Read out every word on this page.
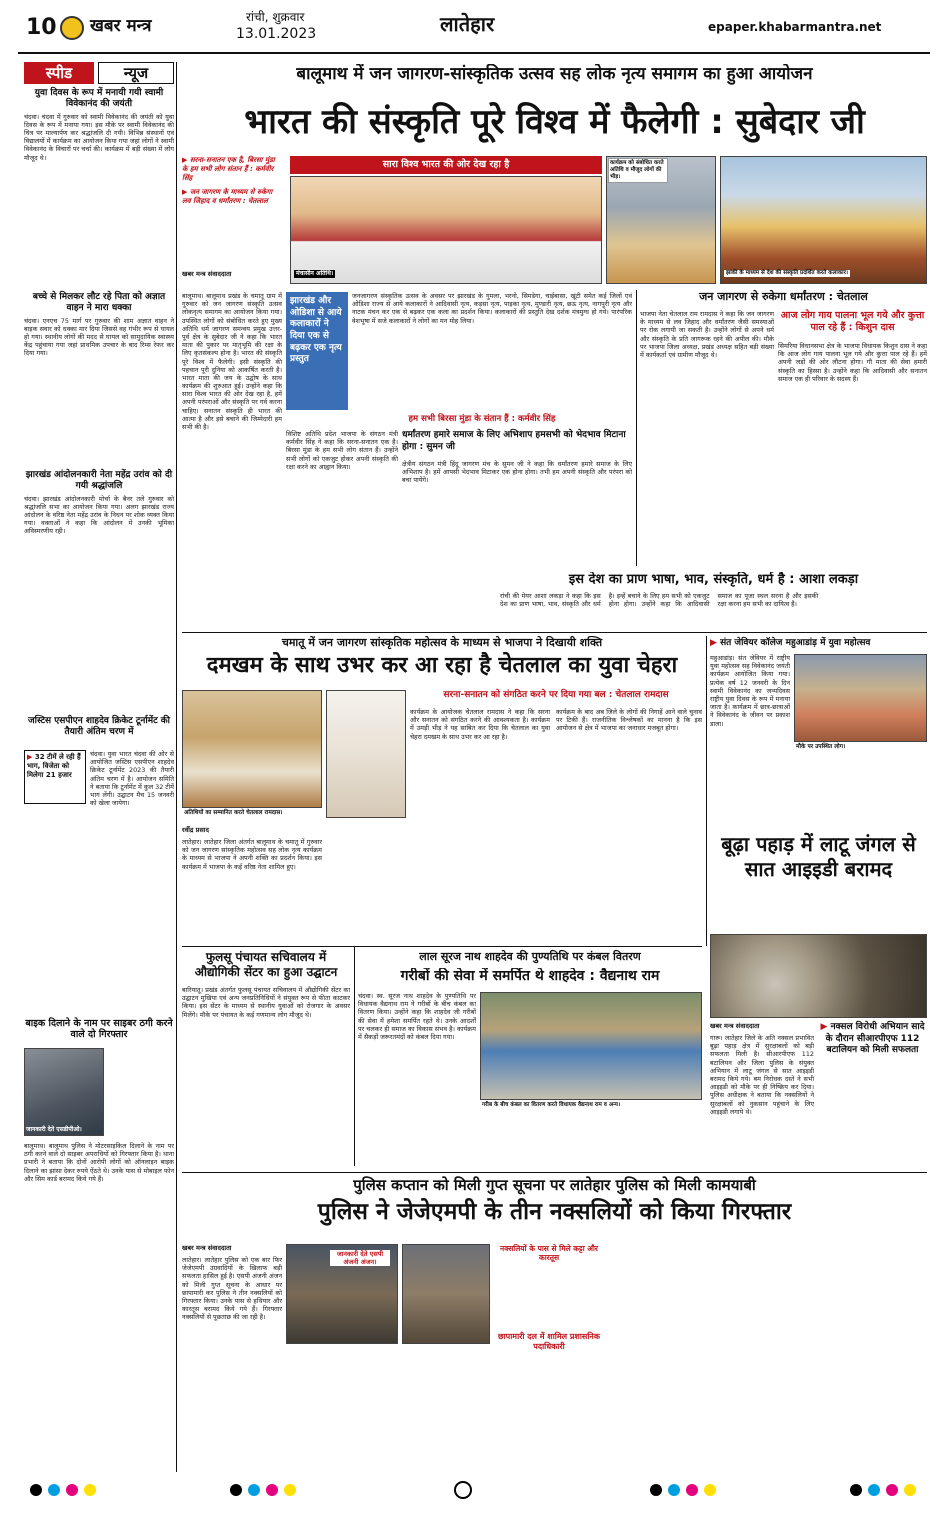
10 खबर मन्त्र	रांची, शुक्रवार
13.01.2023	लातेहार	epaper.khabarmantra.net
स्पीड	न्यूज
युवा दिवस के रूप में मनायी गयी स्वामी विवेकानंद की जयंती
चंदवा। चंदवा में गुरुवार को स्वामी विवेकानंद की जयंती को युवा दिवस के रूप में मनाया गया। इस मौके पर स्वामी विवेकानंद की चित्र पर माल्यार्पण कर श्रद्धांजलि दी गयी। विभिन्न संस्थानों एवं विद्यालयों में कार्यक्रम का आयोजन किया गया जहां लोगों ने स्वामी विवेकानंद के विचारों पर चर्चा की। कार्यक्रम में बड़ी संख्या में लोग मौजूद थे।
बच्चे से मिलकर लौट रहे पिता को अज्ञात वाहन ने मारा धक्का
चंदवा। एनएच 75 मार्ग पर गुरुवार की शाम अज्ञात वाहन ने बाइक सवार को धक्का मार दिया जिससे वह गंभीर रूप से घायल हो गया। स्थानीय लोगों की मदद से घायल को सामुदायिक स्वास्थ्य केंद्र पहुंचाया गया जहां प्राथमिक उपचार के बाद रिम्स रेफर कर दिया गया।
झारखंड आंदोलनकारी नेता महेंद्र उरांव को दी गयी श्रद्धांजलि
चंदवा। झारखंड आंदोलनकारी मोर्चा के बैनर तले गुरुवार को श्रद्धांजलि सभा का आयोजन किया गया। अलग झारखंड राज्य आंदोलन के वरिष्ठ नेता महेंद्र उरांव के निधन पर शोक व्यक्त किया गया। वक्ताओं ने कहा कि आंदोलन में उनकी भूमिका अविस्मरणीय रही।
जस्टिस एसपीएन शाहदेव क्रिकेट टूर्नामेंट की तैयारी अंतिम चरण में
▶ 32 टीमें ले रही हैं भाग, विजेता को मिलेगा 21 हजार
चंदवा। युवा भारत चंदवा की ओर से आयोजित जस्टिस एसपीएन शाहदेव क्रिकेट टूर्नामेंट 2023 की तैयारी अंतिम चरण में है। आयोजन समिति ने बताया कि टूर्नामेंट में कुल 32 टीमें भाग लेंगी। उद्घाटन मैच 15 जनवरी को खेला जायेगा।
बाइक दिलाने के नाम पर साइबर ठगी करने वाले दो गिरफ्तार
जानकारी देते एसडीपीओ।
बालूमाथ। बालूमाथ पुलिस ने मोटरसाइकिल दिलाने के नाम पर ठगी करने वाले दो साइबर अपराधियों को गिरफ्तार किया है। थाना प्रभारी ने बताया कि दोनों आरोपी लोगों को ऑनलाइन बाइक दिलाने का झांसा देकर रुपये ऐंठते थे। उनके पास से मोबाइल फोन और सिम कार्ड बरामद किये गये हैं।
बालूमाथ में जन जागरण-सांस्कृतिक उत्सव सह लोक नृत्य समागम का हुआ आयोजन
भारत की संस्कृति पूरे विश्व में फैलेगी : सुबेदार जी
▶ सरना-सनातन एक है, बिरसा मुंडा के हम सभी लोग संतान हैं : कर्मवीर सिंह
▶ जन जागरण के माध्यम से रुकेगा लव जिहाद व धर्मांतरण : चेतलाल
खबर मन्त्र संवाददाता
सारा विश्व भारत की ओर देख रहा है
मंचासीन अतिथि।
कार्यक्रम को संबोधित करते अतिथि व मौजूद लोगों की भीड़।
झांकी के माध्यम से देश की संस्कृति प्रदर्शित करते कलाकार।
बालूमाथ। बालूमाथ प्रखंड के चमातू ग्राम में गुरुवार को जन जागरण संस्कृति उत्सव लोकनृत्य समागम का आयोजन किया गया। उपस्थित लोगों को संबोधित करते हुए मुख्य अतिथि धर्म जागरण समन्वय प्रमुख उत्तर-पूर्व क्षेत्र के सुबेदार जी ने कहा कि भारत माता की पुकार पर मातृभूमि की रक्षा के लिए कृतसंकल्प होना है। भारत की संस्कृति पूरे विश्व में फैलेगी। इसी संस्कृति की पहचान पूरी दुनिया को आकर्षित करती है। भारत माता की जय के उद्घोष के साथ कार्यक्रम की शुरुआत हुई। उन्होंने कहा कि सारा विश्व भारत की ओर देख रहा है, हमें अपनी परंपराओं और संस्कृति पर गर्व करना चाहिए। सनातन संस्कृति ही भारत की आत्मा है और इसे बचाने की जिम्मेदारी हम सभी की है।
झारखंड और ओडिशा से आये कलाकारों ने दिया एक से बढ़कर एक नृत्य प्रस्तुत
जनजागरण संस्कृतिक उत्सव के अवसर पर झारखंड के गुमला, भरनो, सिमडेगा, चाईबासा, खूंटी समेत कई जिलों एवं ओडिशा राज्य से आये कलाकारों ने आदिवासी नृत्य, कड़सा नृत्य, पाइका नृत्य, मुण्डारी नृत्य, छऊ नृत्य, नागपुरी नृत्य और नाटक मंचन कर एक से बढ़कर एक कला का प्रदर्शन किया। कलाकारों की प्रस्तुति देख दर्शक मंत्रमुग्ध हो गये। पारंपरिक वेशभूषा में सजे कलाकारों ने लोगों का मन मोह लिया।
हम सभी बिरसा मुंडा के संतान हैं : कर्मवीर सिंह
विशिष्ट अतिथि प्रदेश भाजपा के संगठन मंत्री कर्मवीर सिंह ने कहा कि सरना-सनातन एक है। बिरसा मुंडा के हम सभी लोग संतान हैं। उन्होंने सभी लोगों को एकजुट होकर अपनी संस्कृति की रक्षा करने का आह्वान किया।
धर्मांतरण हमारे समाज के लिए अभिशाप हमसभी को भेदभाव मिटाना होगा : सुमन जी
क्षेत्रीय संगठन मंत्री हिंदू जागरण मंच के सुमन जी ने कहा कि धर्मांतरण हमारे समाज के लिए अभिशाप है। हमें आपसी भेदभाव मिटाकर एक होना होगा। तभी हम अपनी संस्कृति और परंपरा को बचा पायेंगे।
जन जागरण से रुकेगा धर्मांतरण : चेतलाल
भाजपा नेता चेतलाल राम रामदास ने कहा कि जन जागरण के माध्यम से लव जिहाद और धर्मांतरण जैसी समस्याओं पर रोक लगायी जा सकती है। उन्होंने लोगों से अपने धर्म और संस्कृति के प्रति जागरूक रहने की अपील की। मौके पर भाजपा जिला अध्यक्ष, प्रखंड अध्यक्ष सहित बड़ी संख्या में कार्यकर्ता एवं ग्रामीण मौजूद थे।
आज लोग गाय पालना भूल गये और कुत्ता पाल रहे हैं : किशुन दास
सिमरिया विधानसभा क्षेत्र के भाजपा विधायक किशुन दास ने कहा कि आज लोग गाय पालना भूल गये और कुत्ता पाल रहे हैं। हमें अपनी जड़ों की ओर लौटना होगा। गौ माता की सेवा हमारी संस्कृति का हिस्सा है। उन्होंने कहा कि आदिवासी और सनातन समाज एक ही परिवार के सदस्य हैं।
इस देश का प्राण भाषा, भाव, संस्कृति, धर्म है : आशा लकड़ा
रांची की मेयर आशा लकड़ा ने कहा कि इस देश का प्राण भाषा, भाव, संस्कृति और धर्म है। इन्हें बचाने के लिए हम सभी को एकजुट होना होगा। उन्होंने कहा कि आदिवासी समाज का पूजा स्थल सरना है और इसकी रक्षा करना हम सभी का दायित्व है।
चमातू में जन जागरण सांस्कृतिक महोत्सव के माध्यम से भाजपा ने दिखायी शक्ति
दमखम के साथ उभर कर आ रहा है चेतलाल का युवा चेहरा
अतिथियों का सम्मानित करते चेतलाल रामदास।
रवींद्र प्रसाद
लातेहार। लातेहार जिला अंतर्गत बालूमाथ के चमातू में गुरुवार को जन जागरण सांस्कृतिक महोत्सव सह लोक नृत्य कार्यक्रम के माध्यम से भाजपा ने अपनी शक्ति का प्रदर्शन किया। इस कार्यक्रम में भाजपा के कई वरिष्ठ नेता शामिल हुए।
सरना-सनातन को संगठित करने पर दिया गया बल : चेतलाल रामदास
कार्यक्रम के आयोजक चेतलाल रामदास ने कहा कि सरना और सनातन को संगठित करने की आवश्यकता है। कार्यक्रम में उमड़ी भीड़ ने यह साबित कर दिया कि चेतलाल का युवा चेहरा दमखम के साथ उभर कर आ रहा है।
कार्यक्रम के बाद अब जिले के लोगों की निगाहें आने वाले चुनाव पर टिकी हैं। राजनीतिक विश्लेषकों का मानना है कि इस आयोजन से क्षेत्र में भाजपा का जनाधार मजबूत होगा।
▶ संत जेवियर कॉलेज महुआडांड़ में युवा महोत्सव
महुआडांड़। संत जेवियर में राष्ट्रीय युवा महोत्सव सह विवेकानंद जयंती कार्यक्रम आयोजित किया गया। प्रत्येक वर्ष 12 जनवरी के दिन स्वामी विवेकानंद का जन्मदिवस राष्ट्रीय युवा दिवस के रूप में मनाया जाता है। कार्यक्रम में छात्र-छात्राओं ने विवेकानंद के जीवन पर प्रकाश डाला।
मौके पर उपस्थित लोग।
बूढ़ा पहाड़ में लाटू जंगल से सात आइइडी बरामद
फुलसू पंचायत सचिवालय में औद्योगिकी सेंटर का हुआ उद्घाटन
बारियातू। प्रखंड अंतर्गत फुलसू पंचायत सचिवालय में औद्योगिकी सेंटर का उद्घाटन मुखिया एवं अन्य जनप्रतिनिधियों ने संयुक्त रूप से फीता काटकर किया। इस सेंटर के माध्यम से स्थानीय युवाओं को रोजगार के अवसर मिलेंगे। मौके पर पंचायत के कई गणमान्य लोग मौजूद थे।
लाल सूरज नाथ शाहदेव की पुण्यतिथि पर कंबल वितरण
गरीबों की सेवा में समर्पित थे शाहदेव : वैद्यनाथ राम
चंदवा। स्व. सूरज नाथ शाहदेव के पुण्यतिथि पर विधायक वैद्यनाथ राम ने गरीबों के बीच कंबल का वितरण किया। उन्होंने कहा कि शाहदेव जी गरीबों की सेवा में हमेशा समर्पित रहते थे। उनके आदर्शों पर चलकर ही समाज का विकास संभव है। कार्यक्रम में सैकड़ों जरूरतमंदों को कंबल दिया गया।
गरीब के बीच कंबल का वितरण करते विधायक वैद्यनाथ राम व अन्य।
खबर मन्त्र संवाददाता
गारू। लातेहार जिले के अति नक्सल प्रभावित बूढ़ा पहाड़ क्षेत्र में सुरक्षाबलों को बड़ी सफलता मिली है। सीआरपीएफ 112 बटालियन और जिला पुलिस के संयुक्त अभियान में लाटू जंगल से सात आइइडी बरामद किये गये। बम निरोधक दस्ते ने सभी आइइडी को मौके पर ही निष्क्रिय कर दिया। पुलिस अधीक्षक ने बताया कि नक्सलियों ने सुरक्षाबलों को नुकसान पहुंचाने के लिए आइइडी लगाये थे।
▶ नक्सल विरोधी अभियान सादे के दौरान सीआरपीएफ 112 बटालियन को मिली सफलता
पुलिस कप्तान को मिली गुप्त सूचना पर लातेहार पुलिस को मिली कामयाबी
पुलिस ने जेजेएमपी के तीन नक्सलियों को किया गिरफ्तार
खबर मन्त्र संवाददाता
लातेहार। लातेहार पुलिस को एक बार फिर जेजेएमपी उग्रवादियों के खिलाफ बड़ी सफलता हासिल हुई है। एसपी अंजनी अंजन को मिली गुप्त सूचना के आधार पर छापामारी कर पुलिस ने तीन नक्सलियों को गिरफ्तार किया। उनके पास से हथियार और कारतूस बरामद किये गये हैं। गिरफ्तार नक्सलियों से पूछताछ की जा रही है।
जानकारी देते एसपी अंजनी अंजन।
नक्सलियों के पास से मिले कट्टा और कारतूस
छापामारी दल में शामिल प्रशासनिक पदाधिकारी
